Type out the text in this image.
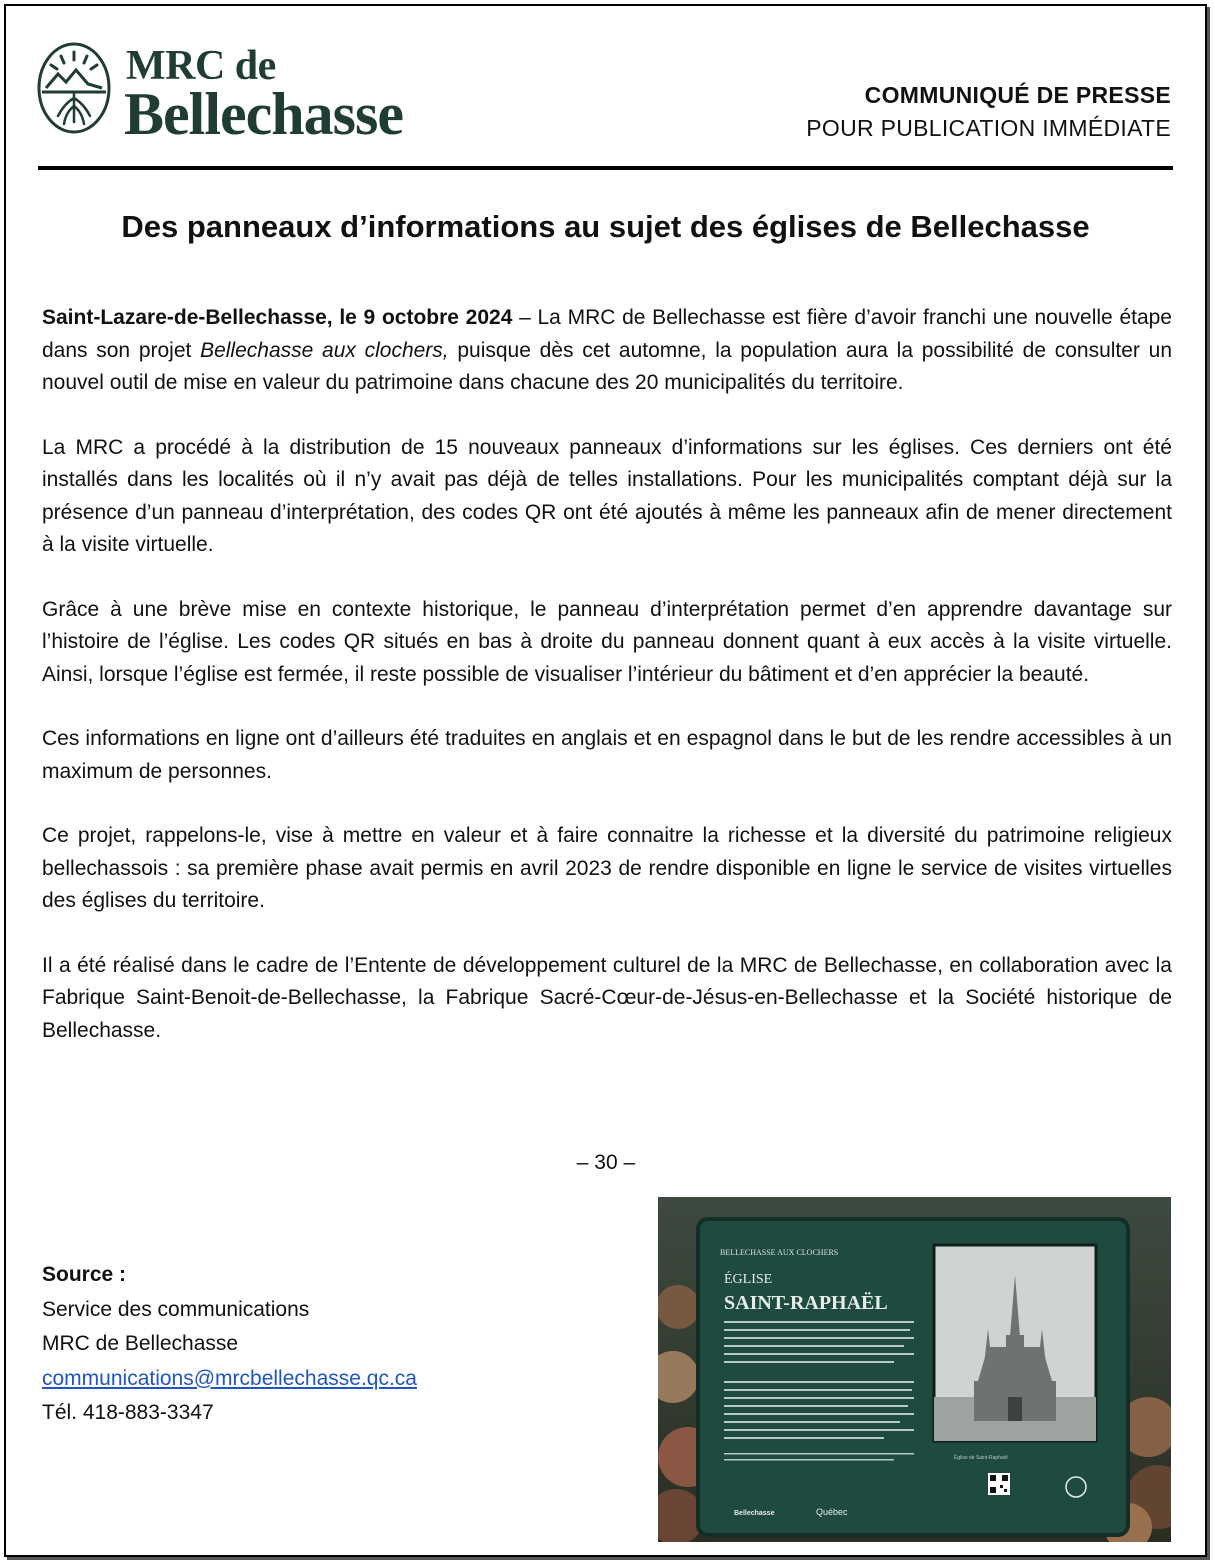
MRC de
Bellechasse	COMMUNIQUÉ DE PRESSE
POUR PUBLICATION IMMÉDIATE
Des panneaux d’informations au sujet des églises de Bellechasse

Saint-Lazare-de-Bellechasse, le 9 octobre 2024 – La MRC de Bellechasse est fière d’avoir franchi une nouvelle étape dans son projet Bellechasse aux clochers, puisque dès cet automne, la population aura la possibilité de consulter un nouvel outil de mise en valeur du patrimoine dans chacune des 20 municipalités du territoire.

La MRC a procédé à la distribution de 15 nouveaux panneaux d’informations sur les églises. Ces derniers ont été installés dans les localités où il n’y avait pas déjà de telles installations. Pour les municipalités comptant déjà sur la présence d’un panneau d’interprétation, des codes QR ont été ajoutés à même les panneaux afin de mener directement à la visite virtuelle.

Grâce à une brève mise en contexte historique, le panneau d’interprétation permet d’en apprendre davantage sur l’histoire de l’église. Les codes QR situés en bas à droite du panneau donnent quant à eux accès à la visite virtuelle. Ainsi, lorsque l’église est fermée, il reste possible de visualiser l’intérieur du bâtiment et d’en apprécier la beauté.

Ces informations en ligne ont d’ailleurs été traduites en anglais et en espagnol dans le but de les rendre accessibles à un maximum de personnes.

Ce projet, rappelons-le, vise à mettre en valeur et à faire connaitre la richesse et la diversité du patrimoine religieux bellechassois : sa première phase avait permis en avril 2023 de rendre disponible en ligne le service de visites virtuelles des églises du territoire.

Il a été réalisé dans le cadre de l’Entente de développement culturel de la MRC de Bellechasse, en collaboration avec la Fabrique Saint-Benoit-de-Bellechasse, la Fabrique Sacré-Cœur-de-Jésus-en-Bellechasse et la Société historique de Bellechasse.

– 30 –
Source :
Service des communications
MRC de Bellechasse
communications@mrcbellechasse.qc.ca
Tél. 418-883-3347
BELLECHASSE AUX CLOCHERS
ÉGLISE
SAINT-RAPHAËL
Église de Saint-Raphaël
Bellechasse	Québec
